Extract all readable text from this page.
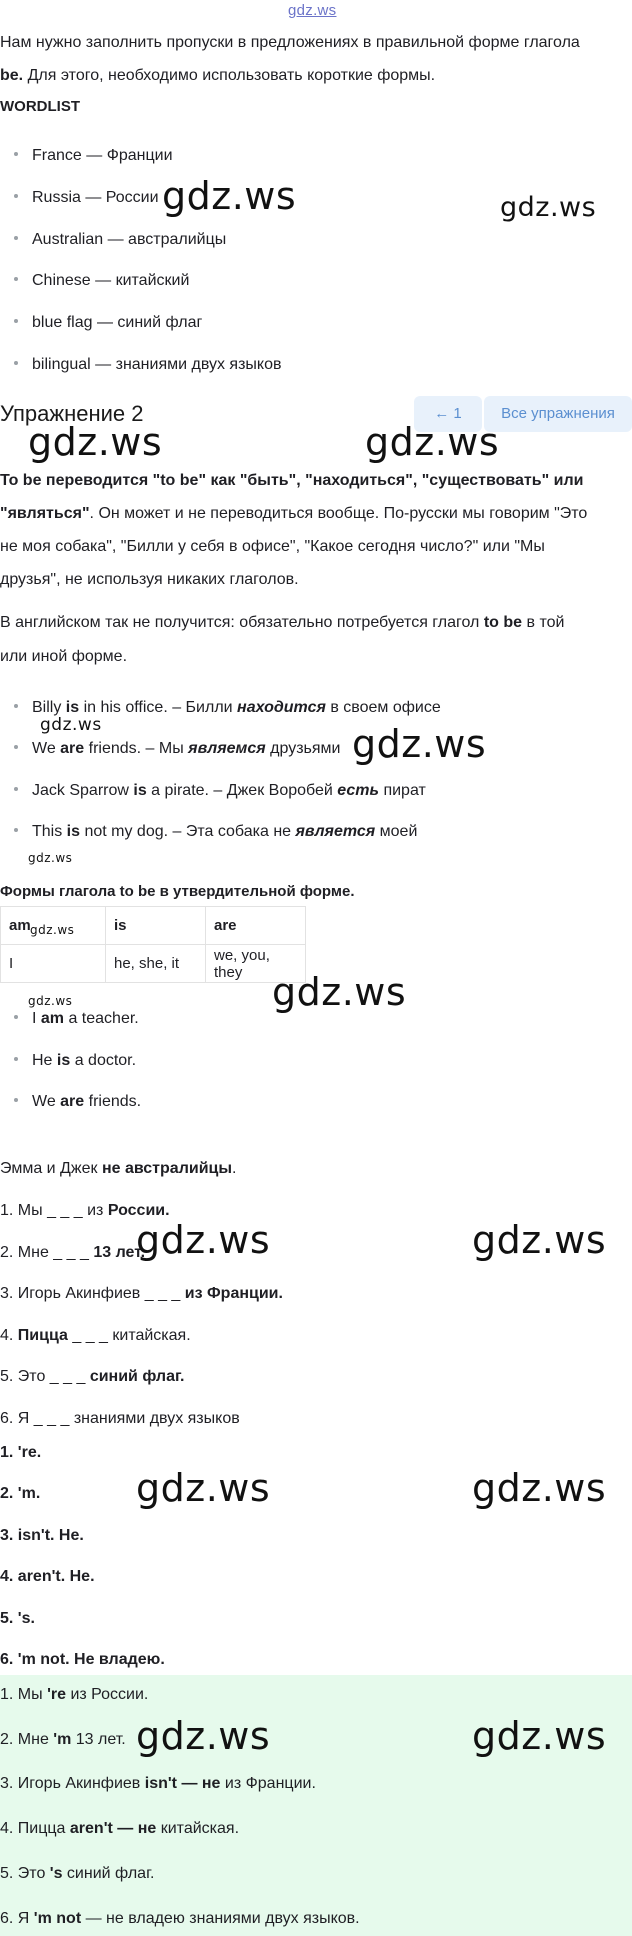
gdz.ws

Нам нужно заполнить пропуски в предложениях в правильной форме глагола

be. Для этого, необходимо использовать короткие формы.

WORDLIST
France — Франции
Russia — России
Australian — австралийцы
Chinese — китайский
blue flag — синий флаг
bilingual — знаниями двух языков
Упражнение 2	← 1	Все упражнения

To be переводится "to be" как "быть", "находиться", "существовать" или

"являться". Он может и не переводиться вообще. По-русски мы говорим "Это

не моя собака", "Билли у себя в офисе", "Какое сегодня число?" или "Мы

друзья", не используя никаких глаголов.

В английском так не получится: обязательно потребуется глагол to be в той

или иной форме.

Billy is in his office. – Билли находится в своем офисе
We are friends. – Мы являемся друзьями
Jack Sparrow is a pirate. – Джек Воробей есть пират
This is not my dog. – Эта собака не является моей

Формы глагола to be в утвердительной форме.

am	is	are
I	he, she, it	we, you, they
I am a teacher.
He is a doctor.
We are friends.

Эмма и Джек не австралийцы.

1. Мы _ _ _ из России.

2. Мне _ _ _ 13 лет.

3. Игорь Акинфиев _ _ _ из Франции.

4. Пицца _ _ _ китайская.

5. Это _ _ _ синий флаг.

6. Я _ _ _ знаниями двух языков

1. 're.

2. 'm.

3. isn't. He.

4. aren't. He.

5. 's.

6. 'm not. Не владею.

1. Мы 're из России.

2. Мне 'm 13 лет.

3. Игорь Акинфиев isn't — не из Франции.

4. Пицца aren't — не китайская.

5. Это 's синий флаг.

6. Я 'm not — не владею знаниями двух языков.

gdz.ws	gdz.ws
gdz.ws	gdz.ws
gdz.ws	gdz.ws
gdz.ws
gdz.ws
gdz.ws	gdz.ws
gdz.ws	gdz.ws
gdz.ws	gdz.ws
gdz.ws	gdz.ws
